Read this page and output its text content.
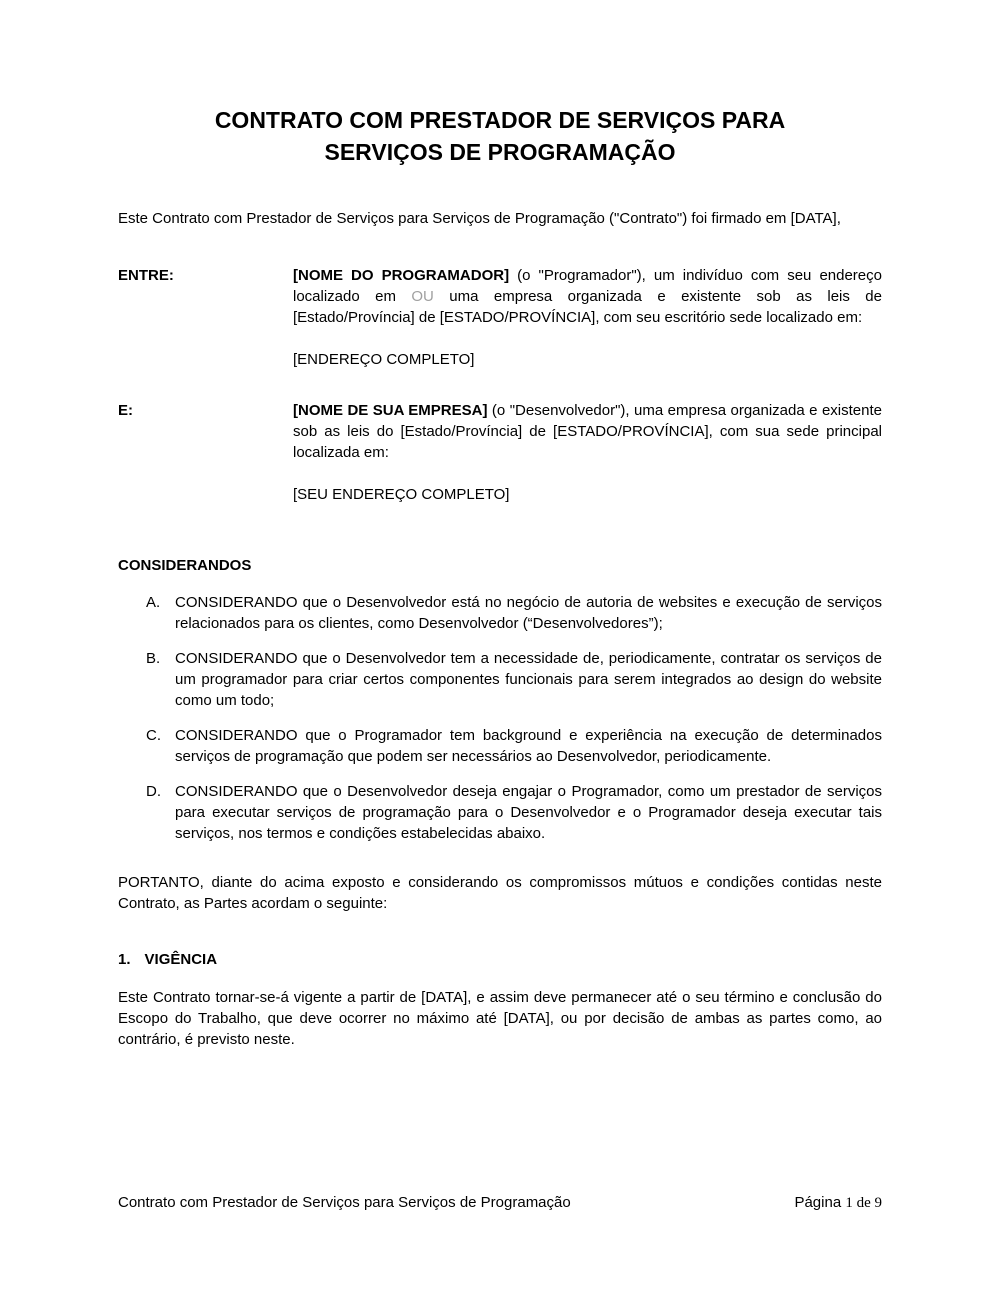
CONTRATO COM PRESTADOR DE SERVIÇOS PARA
SERVIÇOS DE PROGRAMAÇÃO

Este Contrato com Prestador de Serviços para Serviços de Programação ("Contrato") foi firmado em [DATA],

ENTRE:	[NOME DO PROGRAMADOR] (o "Programador"), um indivíduo com seu endereço localizado em OU uma empresa organizada e existente sob as leis de [Estado/Província] de [ESTADO/PROVÍNCIA], com seu escritório sede localizado em:

[ENDEREÇO COMPLETO]

E:	[NOME DE SUA EMPRESA] (o "Desenvolvedor"), uma empresa organizada e existente sob as leis do [Estado/Província] de [ESTADO/PROVÍNCIA], com sua sede principal localizada em:

[SEU ENDEREÇO COMPLETO]

CONSIDERANDOS
A. CONSIDERANDO que o Desenvolvedor está no negócio de autoria de websites e execução de serviços relacionados para os clientes, como Desenvolvedor (“Desenvolvedores”);

B. CONSIDERANDO que o Desenvolvedor tem a necessidade de, periodicamente, contratar os serviços de um programador para criar certos componentes funcionais para serem integrados ao design do website como um todo;

C. CONSIDERANDO que o Programador tem background e experiência na execução de determinados serviços de programação que podem ser necessários ao Desenvolvedor, periodicamente.

D. CONSIDERANDO que o Desenvolvedor deseja engajar o Programador, como um prestador de serviços para executar serviços de programação para o Desenvolvedor e o Programador deseja executar tais serviços, nos termos e condições estabelecidas abaixo.

PORTANTO, diante do acima exposto e considerando os compromissos mútuos e condições contidas neste Contrato, as Partes acordam o seguinte:

1. VIGÊNCIA

Este Contrato tornar-se-á vigente a partir de [DATA], e assim deve permanecer até o seu término e conclusão do Escopo do Trabalho, que deve ocorrer no máximo até [DATA], ou por decisão de ambas as partes como, ao contrário, é previsto neste.

Contrato com Prestador de Serviços para Serviços de Programação	Página 1 de 9
